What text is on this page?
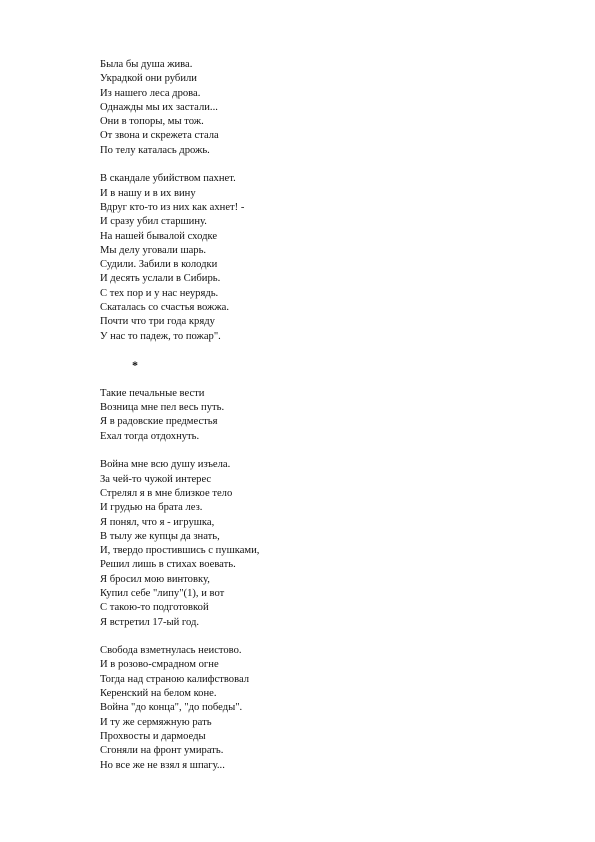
Была бы душа жива.
Украдкой они рубили
Из нашего леса дрова.
Однажды мы их застали...
Они в топоры, мы тож.
От звона и скрежета стала
По телу каталась дрожь.
В скандале убийством пахнет.
И в нашу и в их вину
Вдруг кто-то из них как ахнет! -
И сразу убил старшину.
На нашей бывалой сходке
Мы делу уговали шарь.
Судили. Забили в колодки
И десять услали в Сибирь.
С тех пор и у нас неурядь.
Скаталась со счастья вожжа.
Почти что три года кряду
У нас то падеж, то пожар".
*
Такие печальные вести
Возница мне пел весь путь.
Я в радовские предместья
Ехал тогда отдохнуть.
Война мне всю душу изъела.
За чей-то чужой интерес
Стрелял я в мне близкое тело
И грудью на брата лез.
Я понял, что я - игрушка,
В тылу же купцы да знать,
И, твердо простившись с пушками,
Решил лишь в стихах воевать.
Я бросил мою винтовку,
Купил себе "липу"(1), и вот
С такою-то подготовкой
Я встретил 17-ый год.
Свобода взметнулась неистово.
И в розово-смрадном огне
Тогда над страною калифствовал
Керенский на белом коне.
Война "до конца", "до победы".
И ту же сермяжную рать
Прохвосты и дармоеды
Сгоняли на фронт умирать.
Но все же не взял я шпагу...
